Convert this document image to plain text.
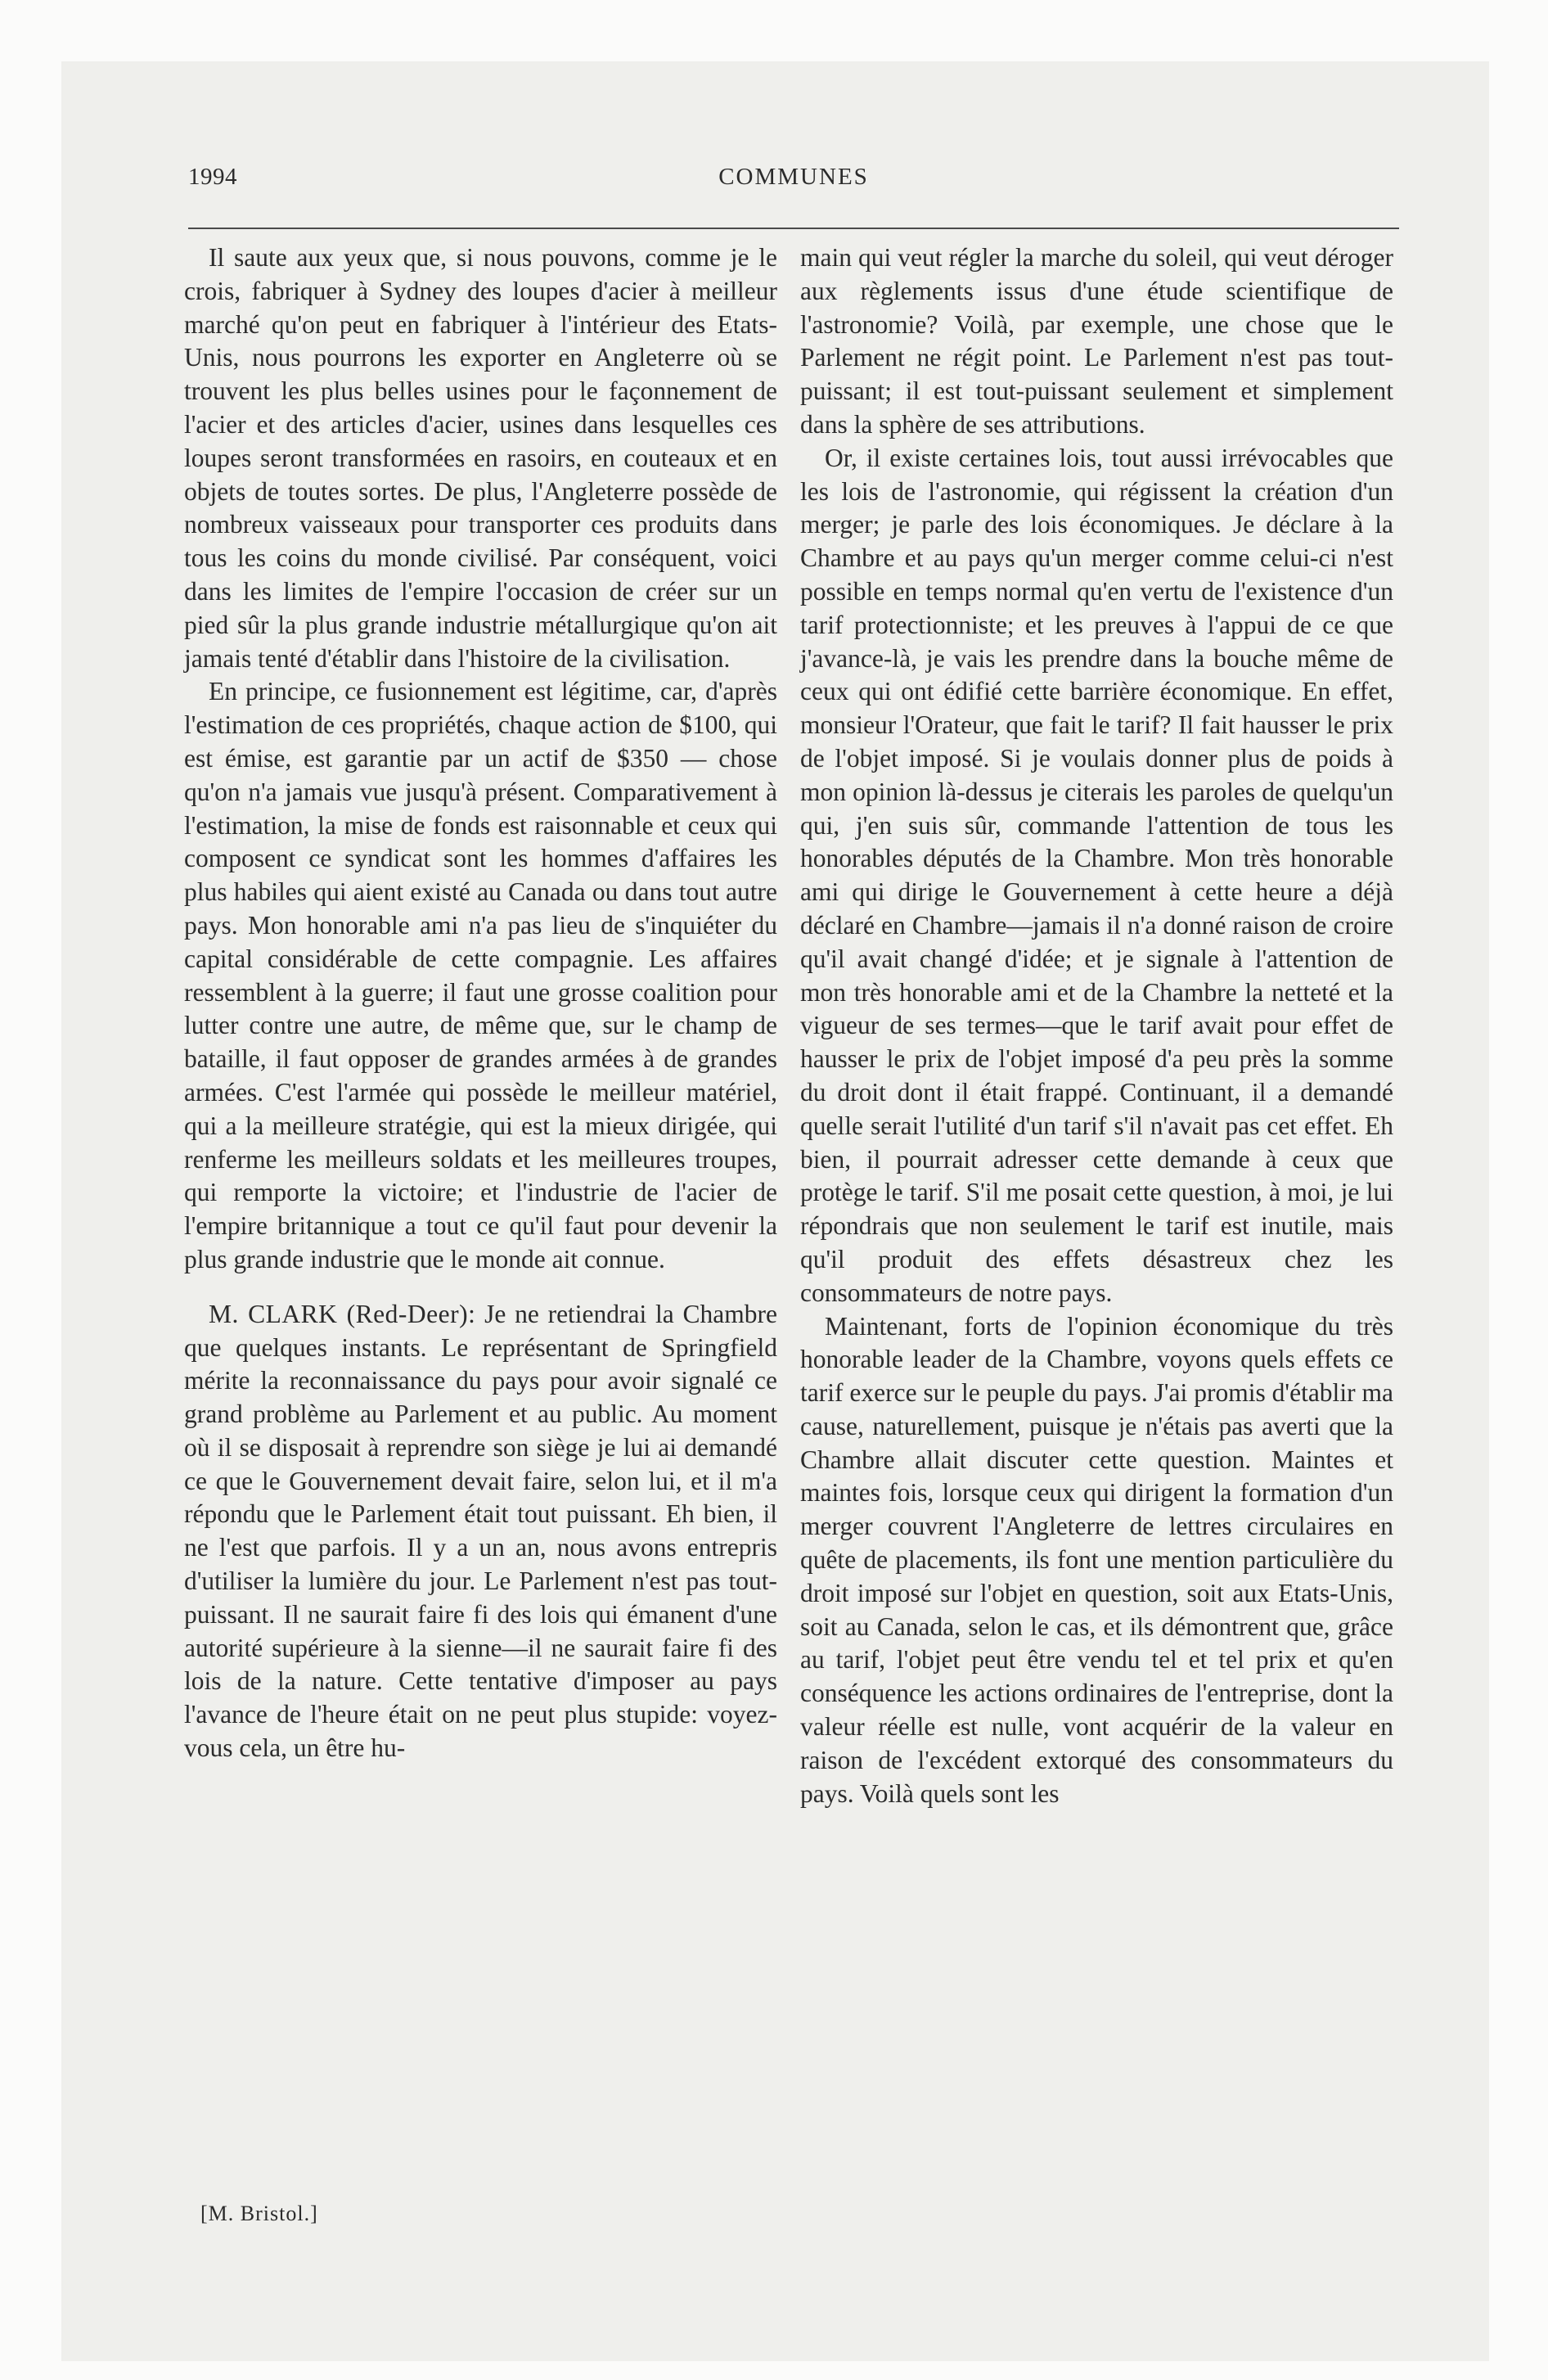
1994	COMMUNES

Il saute aux yeux que, si nous pouvons, comme je le crois, fabriquer à Sydney des loupes d'acier à meilleur marché qu'on peut en fabriquer à l'intérieur des Etats-Unis, nous pourrons les exporter en Angleterre où se trouvent les plus belles usines pour le façonnement de l'acier et des articles d'acier, usines dans lesquelles ces loupes seront transformées en rasoirs, en couteaux et en objets de toutes sortes. De plus, l'Angleterre possède de nombreux vaisseaux pour transporter ces produits dans tous les coins du monde civilisé. Par conséquent, voici dans les limites de l'empire l'occasion de créer sur un pied sûr la plus grande industrie métallurgique qu'on ait jamais tenté d'établir dans l'histoire de la civilisation.

En principe, ce fusionnement est légitime, car, d'après l'estimation de ces propriétés, chaque action de $100, qui est émise, est garantie par un actif de $350 — chose qu'on n'a jamais vue jusqu'à présent. Comparativement à l'estimation, la mise de fonds est raisonnable et ceux qui composent ce syndicat sont les hommes d'affaires les plus habiles qui aient existé au Canada ou dans tout autre pays. Mon honorable ami n'a pas lieu de s'inquiéter du capital considérable de cette compagnie. Les affaires ressemblent à la guerre; il faut une grosse coalition pour lutter contre une autre, de même que, sur le champ de bataille, il faut opposer de grandes armées à de grandes armées. C'est l'armée qui possède le meilleur matériel, qui a la meilleure stratégie, qui est la mieux dirigée, qui renferme les meilleurs soldats et les meilleures troupes, qui remporte la victoire; et l'industrie de l'acier de l'empire britannique a tout ce qu'il faut pour devenir la plus grande industrie que le monde ait connue.

M. CLARK (Red-Deer): Je ne retiendrai la Chambre que quelques instants. Le représentant de Springfield mérite la reconnaissance du pays pour avoir signalé ce grand problème au Parlement et au public. Au moment où il se disposait à reprendre son siège je lui ai demandé ce que le Gouvernement devait faire, selon lui, et il m'a répondu que le Parlement était tout puissant. Eh bien, il ne l'est que parfois. Il y a un an, nous avons entrepris d'utiliser la lumière du jour. Le Parlement n'est pas tout-puissant. Il ne saurait faire fi des lois qui émanent d'une autorité supérieure à la sienne—il ne saurait faire fi des lois de la nature. Cette tentative d'imposer au pays l'avance de l'heure était on ne peut plus stupide: voyez-vous cela, un être hu-

main qui veut régler la marche du soleil, qui veut déroger aux règlements issus d'une étude scientifique de l'astronomie? Voilà, par exemple, une chose que le Parlement ne régit point. Le Parlement n'est pas tout-puissant; il est tout-puissant seulement et simplement dans la sphère de ses attributions.

Or, il existe certaines lois, tout aussi irrévocables que les lois de l'astronomie, qui régissent la création d'un merger; je parle des lois économiques. Je déclare à la Chambre et au pays qu'un merger comme celui-ci n'est possible en temps normal qu'en vertu de l'existence d'un tarif protectionniste; et les preuves à l'appui de ce que j'avance-là, je vais les prendre dans la bouche même de ceux qui ont édifié cette barrière économique. En effet, monsieur l'Orateur, que fait le tarif? Il fait hausser le prix de l'objet imposé. Si je voulais donner plus de poids à mon opinion là-dessus je citerais les paroles de quelqu'un qui, j'en suis sûr, commande l'attention de tous les honorables députés de la Chambre. Mon très honorable ami qui dirige le Gouvernement à cette heure a déjà déclaré en Chambre—jamais il n'a donné raison de croire qu'il avait changé d'idée; et je signale à l'attention de mon très honorable ami et de la Chambre la netteté et la vigueur de ses termes—que le tarif avait pour effet de hausser le prix de l'objet imposé d'a peu près la somme du droit dont il était frappé. Continuant, il a demandé quelle serait l'utilité d'un tarif s'il n'avait pas cet effet. Eh bien, il pourrait adresser cette demande à ceux que protège le tarif. S'il me posait cette question, à moi, je lui répondrais que non seulement le tarif est inutile, mais qu'il produit des effets désastreux chez les consommateurs de notre pays.

Maintenant, forts de l'opinion économique du très honorable leader de la Chambre, voyons quels effets ce tarif exerce sur le peuple du pays. J'ai promis d'établir ma cause, naturellement, puisque je n'étais pas averti que la Chambre allait discuter cette question. Maintes et maintes fois, lorsque ceux qui dirigent la formation d'un merger couvrent l'Angleterre de lettres circulaires en quête de placements, ils font une mention particulière du droit imposé sur l'objet en question, soit aux Etats-Unis, soit au Canada, selon le cas, et ils démontrent que, grâce au tarif, l'objet peut être vendu tel et tel prix et qu'en conséquence les actions ordinaires de l'entreprise, dont la valeur réelle est nulle, vont acquérir de la valeur en raison de l'excédent extorqué des consommateurs du pays. Voilà quels sont les

[M. Bristol.]
